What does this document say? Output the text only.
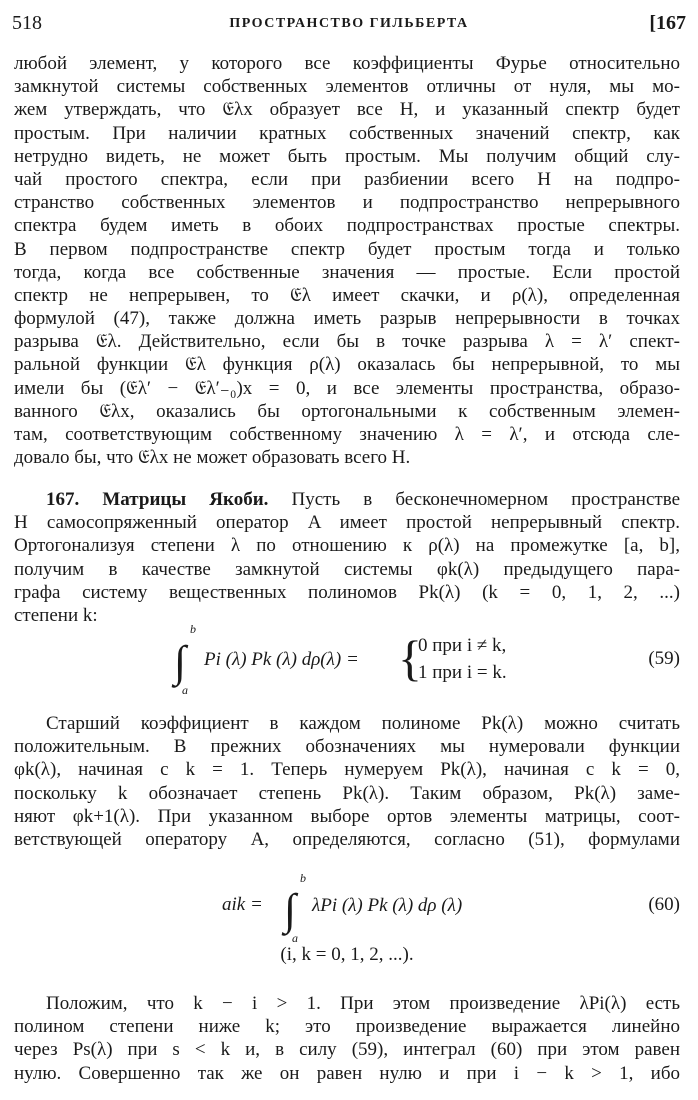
518	ПРОСТРАНСТВО ГИЛЬБЕРТА	[167
любой элемент, у которого все коэффициенты Фурье относительно
замкнутой системы собственных элементов отличны от нуля, мы мо-
жем утверждать, что 𝔈λx образует все H, и указанный спектр будет
простым. При наличии кратных собственных значений спектр, как
нетрудно видеть, не может быть простым. Мы получим общий слу-
чай простого спектра, если при разбиении всего H на подпро-
странство собственных элементов и подпространство непрерывного
спектра будем иметь в обоих подпространствах простые спектры.
В первом подпространстве спектр будет простым тогда и только
тогда, когда все собственные значения — простые. Если простой
спектр не непрерывен, то 𝔈λ имеет скачки, и ρ(λ), определенная
формулой (47), также должна иметь разрыв непрерывности в точках
разрыва 𝔈λ. Действительно, если бы в точке разрыва λ = λ′ спект-
ральной функции 𝔈λ функция ρ(λ) оказалась бы непрерывной, то мы
имели бы (𝔈λ′ − 𝔈λ′₋₀)x = 0, и все элементы пространства, образо-
ванного 𝔈λx, оказались бы ортогональными к собственным элемен-
там, соответствующим собственному значению λ = λ′, и отсюда сле-
довало бы, что 𝔈λx не может образовать всего H.
167. Матрицы Якоби. Пусть в бесконечномерном пространстве
H самосопряженный оператор A имеет простой непрерывный спектр.
Ортогонализуя степени λ по отношению к ρ(λ) на промежутке [a, b],
получим в качестве замкнутой системы φk(λ) предыдущего пара-
графа систему вещественных полиномов Pk(λ) (k = 0, 1, 2, ...)
степени k:
b
∫
a
Pi (λ) Pk (λ) dρ(λ) = {
0 при i ≠ k,
1 при i = k.
(59)
Старший коэффициент в каждом полиноме Pk(λ) можно считать
положительным. В прежних обозначениях мы нумеровали функции
φk(λ), начиная с k = 1. Теперь нумеруем Pk(λ), начиная с k = 0,
поскольку k обозначает степень Pk(λ). Таким образом, Pk(λ) заме-
няют φk+1(λ). При указанном выборе ортов элементы матрицы, соот-
ветствующей оператору A, определяются, согласно (51), формулами
aik =
b
∫
a
λPi (λ) Pk (λ) dρ (λ)	(60)
(i, k = 0, 1, 2, ...).
Положим, что k − i > 1. При этом произведение λPi(λ) есть
полином степени ниже k; это произведение выражается линейно
через Ps(λ) при s < k и, в силу (59), интеграл (60) при этом равен
нулю. Совершенно так же он равен нулю и при i − k > 1, ибо
